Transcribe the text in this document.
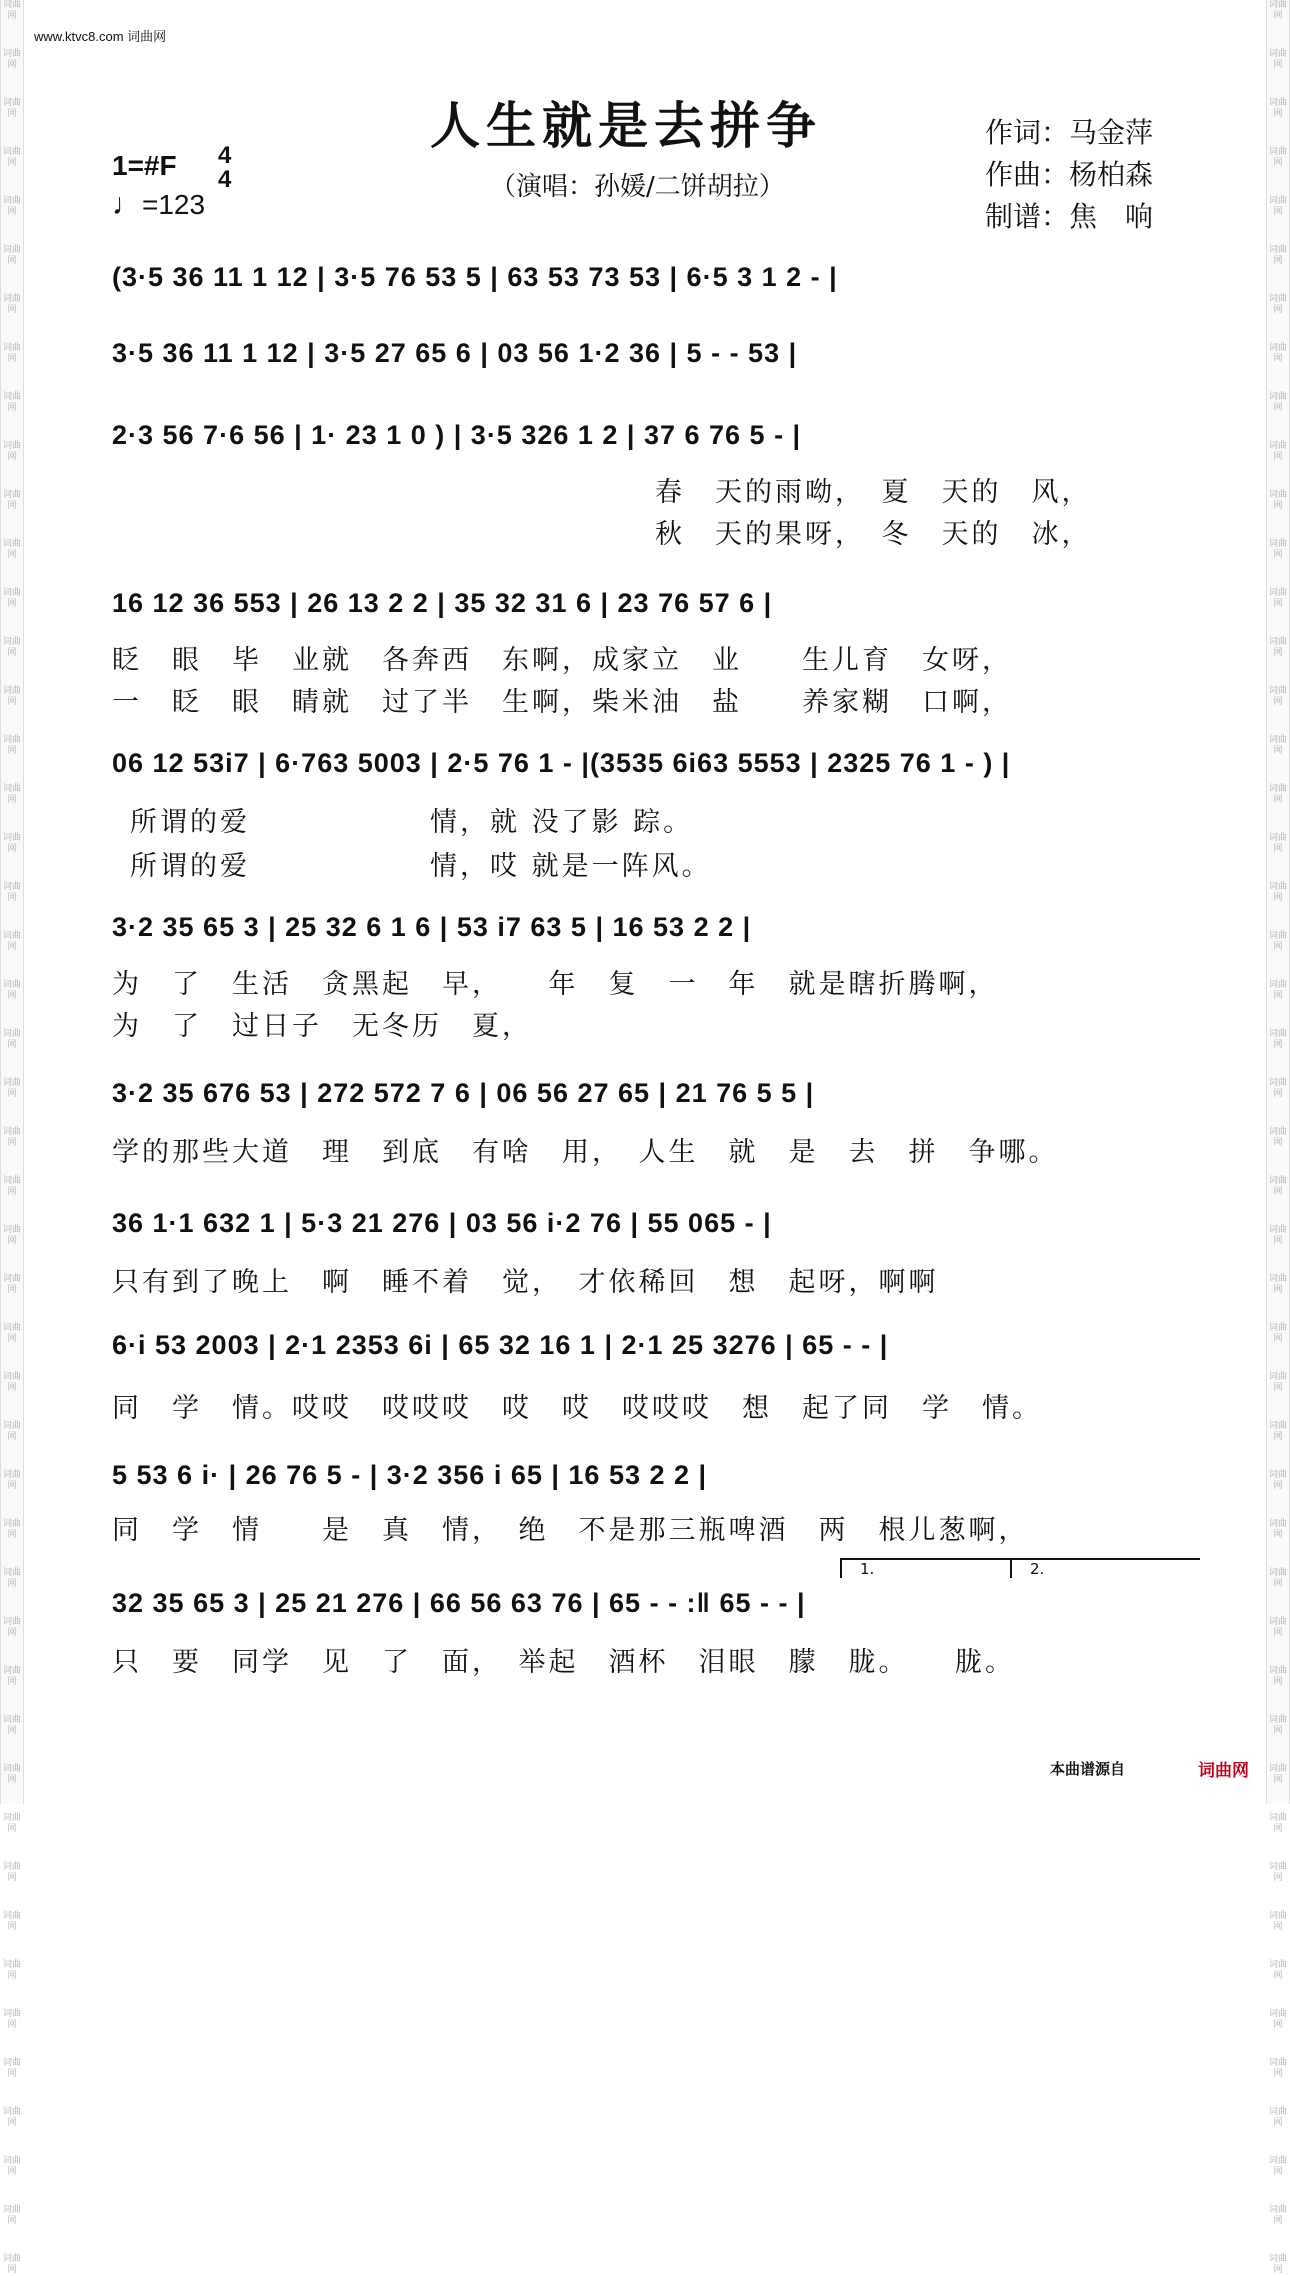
词曲网
词曲网
词曲网
词曲网
词曲网
词曲网
词曲网
词曲网
词曲网
词曲网
词曲网
词曲网
词曲网
词曲网
词曲网
词曲网
词曲网
词曲网
词曲网
词曲网
词曲网
词曲网
词曲网
词曲网
词曲网
词曲网
词曲网
词曲网
词曲网
词曲网
词曲网
词曲网
词曲网
词曲网
词曲网
词曲网
词曲网
词曲网
词曲网
词曲网
词曲网
词曲网
词曲网
词曲网
词曲网
词曲网
词曲网
词曲网
词曲网
词曲网
词曲网
词曲网
词曲网
词曲网
词曲网
词曲网
词曲网
词曲网
词曲网
词曲网
词曲网
词曲网
词曲网
词曲网
词曲网
词曲网
词曲网
词曲网
词曲网
词曲网
词曲网
词曲网
词曲网
词曲网
词曲网
词曲网
词曲网
词曲网
词曲网
词曲网
词曲网
词曲网
词曲网
词曲网
词曲网
词曲网
词曲网
词曲网
词曲网
词曲网
词曲网
词曲网
词曲网
词曲网
www.ktvc8.com 词曲网
人生就是去拼争	作词：马金萍
作曲：杨柏森
制谱：焦　响
1=#F 4
4
♩=123
（演唱：孙媛/二饼胡拉）
(3·5 36 11 1 12 | 3·5 76 53 5 | 63 53 73 53 | 6·5 3 1 2 - |
3·5 36 11 1 12 | 3·5 27 65 6 | 03 56 1·2 36 | 5 - - 53 |
2·3 56 7·6 56 | 1· 23 1 0 ) | 3·5 326 1 2 | 37 6 76 5 - |
16 12 36 553 | 26 13 2 2 | 35 32 31 6 | 23 76 57 6 |
06 12 53i7 | 6·763 5003 | 2·5 76 1 - |(3535 6i63 5553 | 2325 76 1 - ) |
3·2 35 65 3 | 25 32 6 1 6 | 53 i7 63 5 | 16 53 2 2 |
3·2 35 676 53 | 272 572 7 6 | 06 56 27 65 | 21 76 5 5 |
36 1·1 632 1 | 5·3 21 276 | 03 56 i·2 76 | 55 065 - |
6·i 53 2003 | 2·1 2353 6i | 65 32 16 1 | 2·1 25 3276 | 65 - - |
5 53 6 i· | 26 76 5 - | 3·2 356 i 65 | 16 53 2 2 |
32 35 65 3 | 25 21 276 | 66 56 63 76 | 65 - - :‖ 65 - - |
春　天的雨呦，　夏　天的　风，
秋　天的果呀，　冬　天的　冰，
眨　眼　毕　业就　各奔西　东啊，成家立　业　　生儿育　女呀，
一　眨　眼　睛就　过了半　生啊，柴米油　盐　　养家糊　口啊，
所谓的爱　　　　　　情，就 没了影 踪。
所谓的爱　　　　　　情，哎 就是一阵风。
为　了　生活　贪黑起　早，　　年　复　一　年　就是瞎折腾啊，
为　了　过日子　无冬历　夏，
学的那些大道　理　到底　有啥　用，　人生　就　是　去　拼　争哪。
只有到了晚上　啊　睡不着　觉，　才依稀回　想　起呀，啊啊
同　学　情。哎哎　哎哎哎　哎　哎　哎哎哎　想　起了同　学　情。
同　学　情　　是　真　情，　绝　不是那三瓶啤酒　两　根儿葱啊，
只　要　同学　见　了　面，　举起　酒杯　泪眼　朦　胧。　　胧。
1.	2.
本曲谱源自	词曲网
